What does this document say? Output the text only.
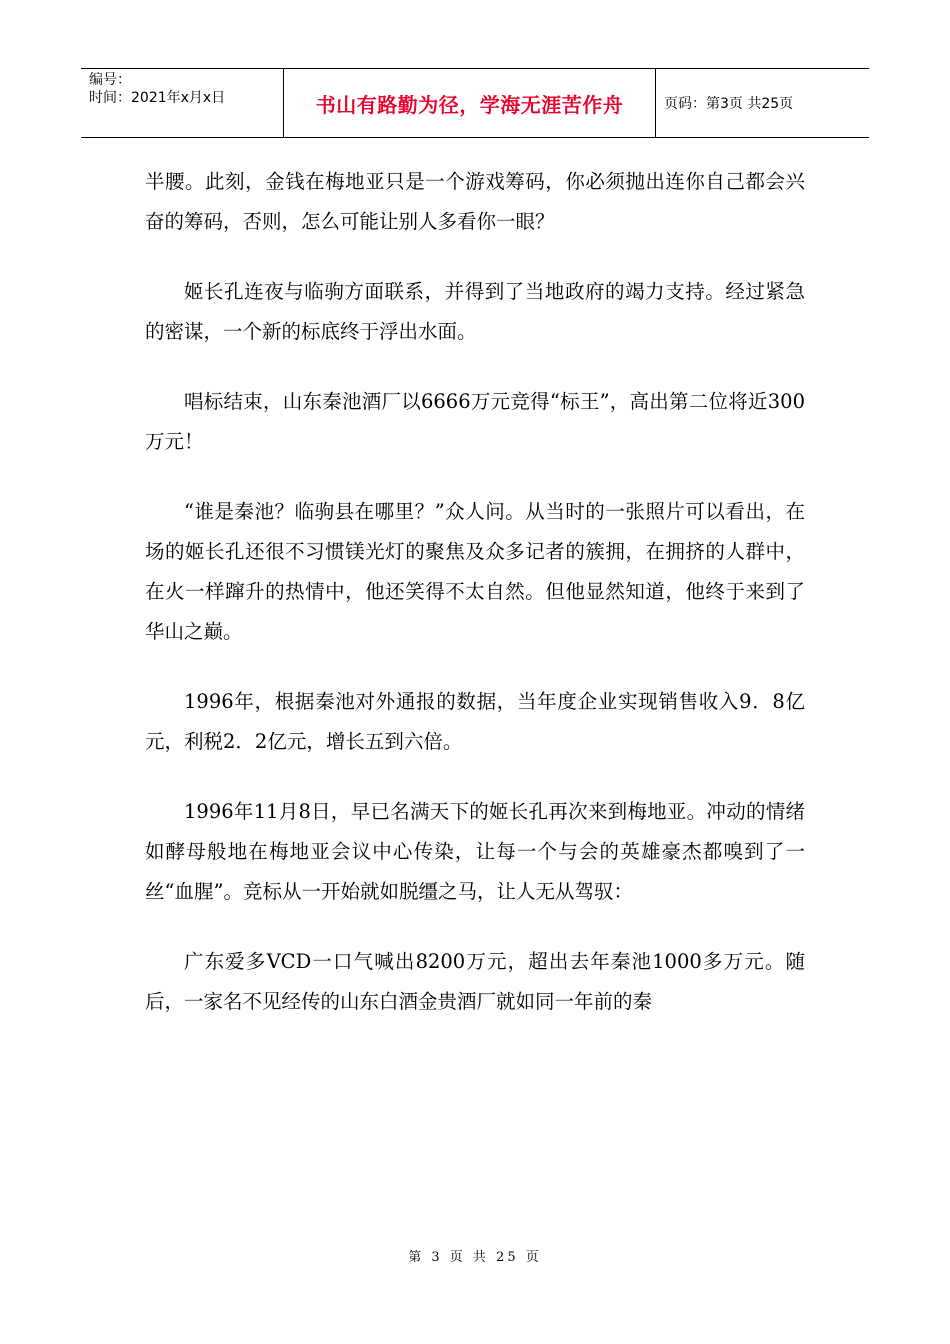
编号：
时间：2021年x月x日	书山有路勤为径，学海无涯苦作舟	页码：第3页 共25页

半腰。此刻，金钱在梅地亚只是一个游戏筹码，你必须抛出连你自己都会兴奋的筹码，否则，怎么可能让别人多看你一眼？

姬长孔连夜与临驹方面联系，并得到了当地政府的竭力支持。经过紧急的密谋，一个新的标底终于浮出水面。

唱标结束，山东秦池酒厂以6666万元竞得“标王”，高出第二位将近300万元！

“谁是秦池？临驹县在哪里？”众人问。从当时的一张照片可以看出，在场的姬长孔还很不习惯镁光灯的聚焦及众多记者的簇拥，在拥挤的人群中，在火一样蹿升的热情中，他还笑得不太自然。但他显然知道，他终于来到了华山之巅。

1996年，根据秦池对外通报的数据，当年度企业实现销售收入9．8亿元，利税2．2亿元，增长五到六倍。

1996年11月8日，早已名满天下的姬长孔再次来到梅地亚。冲动的情绪如酵母般地在梅地亚会议中心传染，让每一个与会的英雄豪杰都嗅到了一丝“血腥”。竞标从一开始就如脱缰之马，让人无从驾驭：

广东爱多VCD一口气喊出8200万元，超出去年秦池1000多万元。随后，一家名不见经传的山东白酒金贵酒厂就如同一年前的秦

第 3 页 共 25 页
